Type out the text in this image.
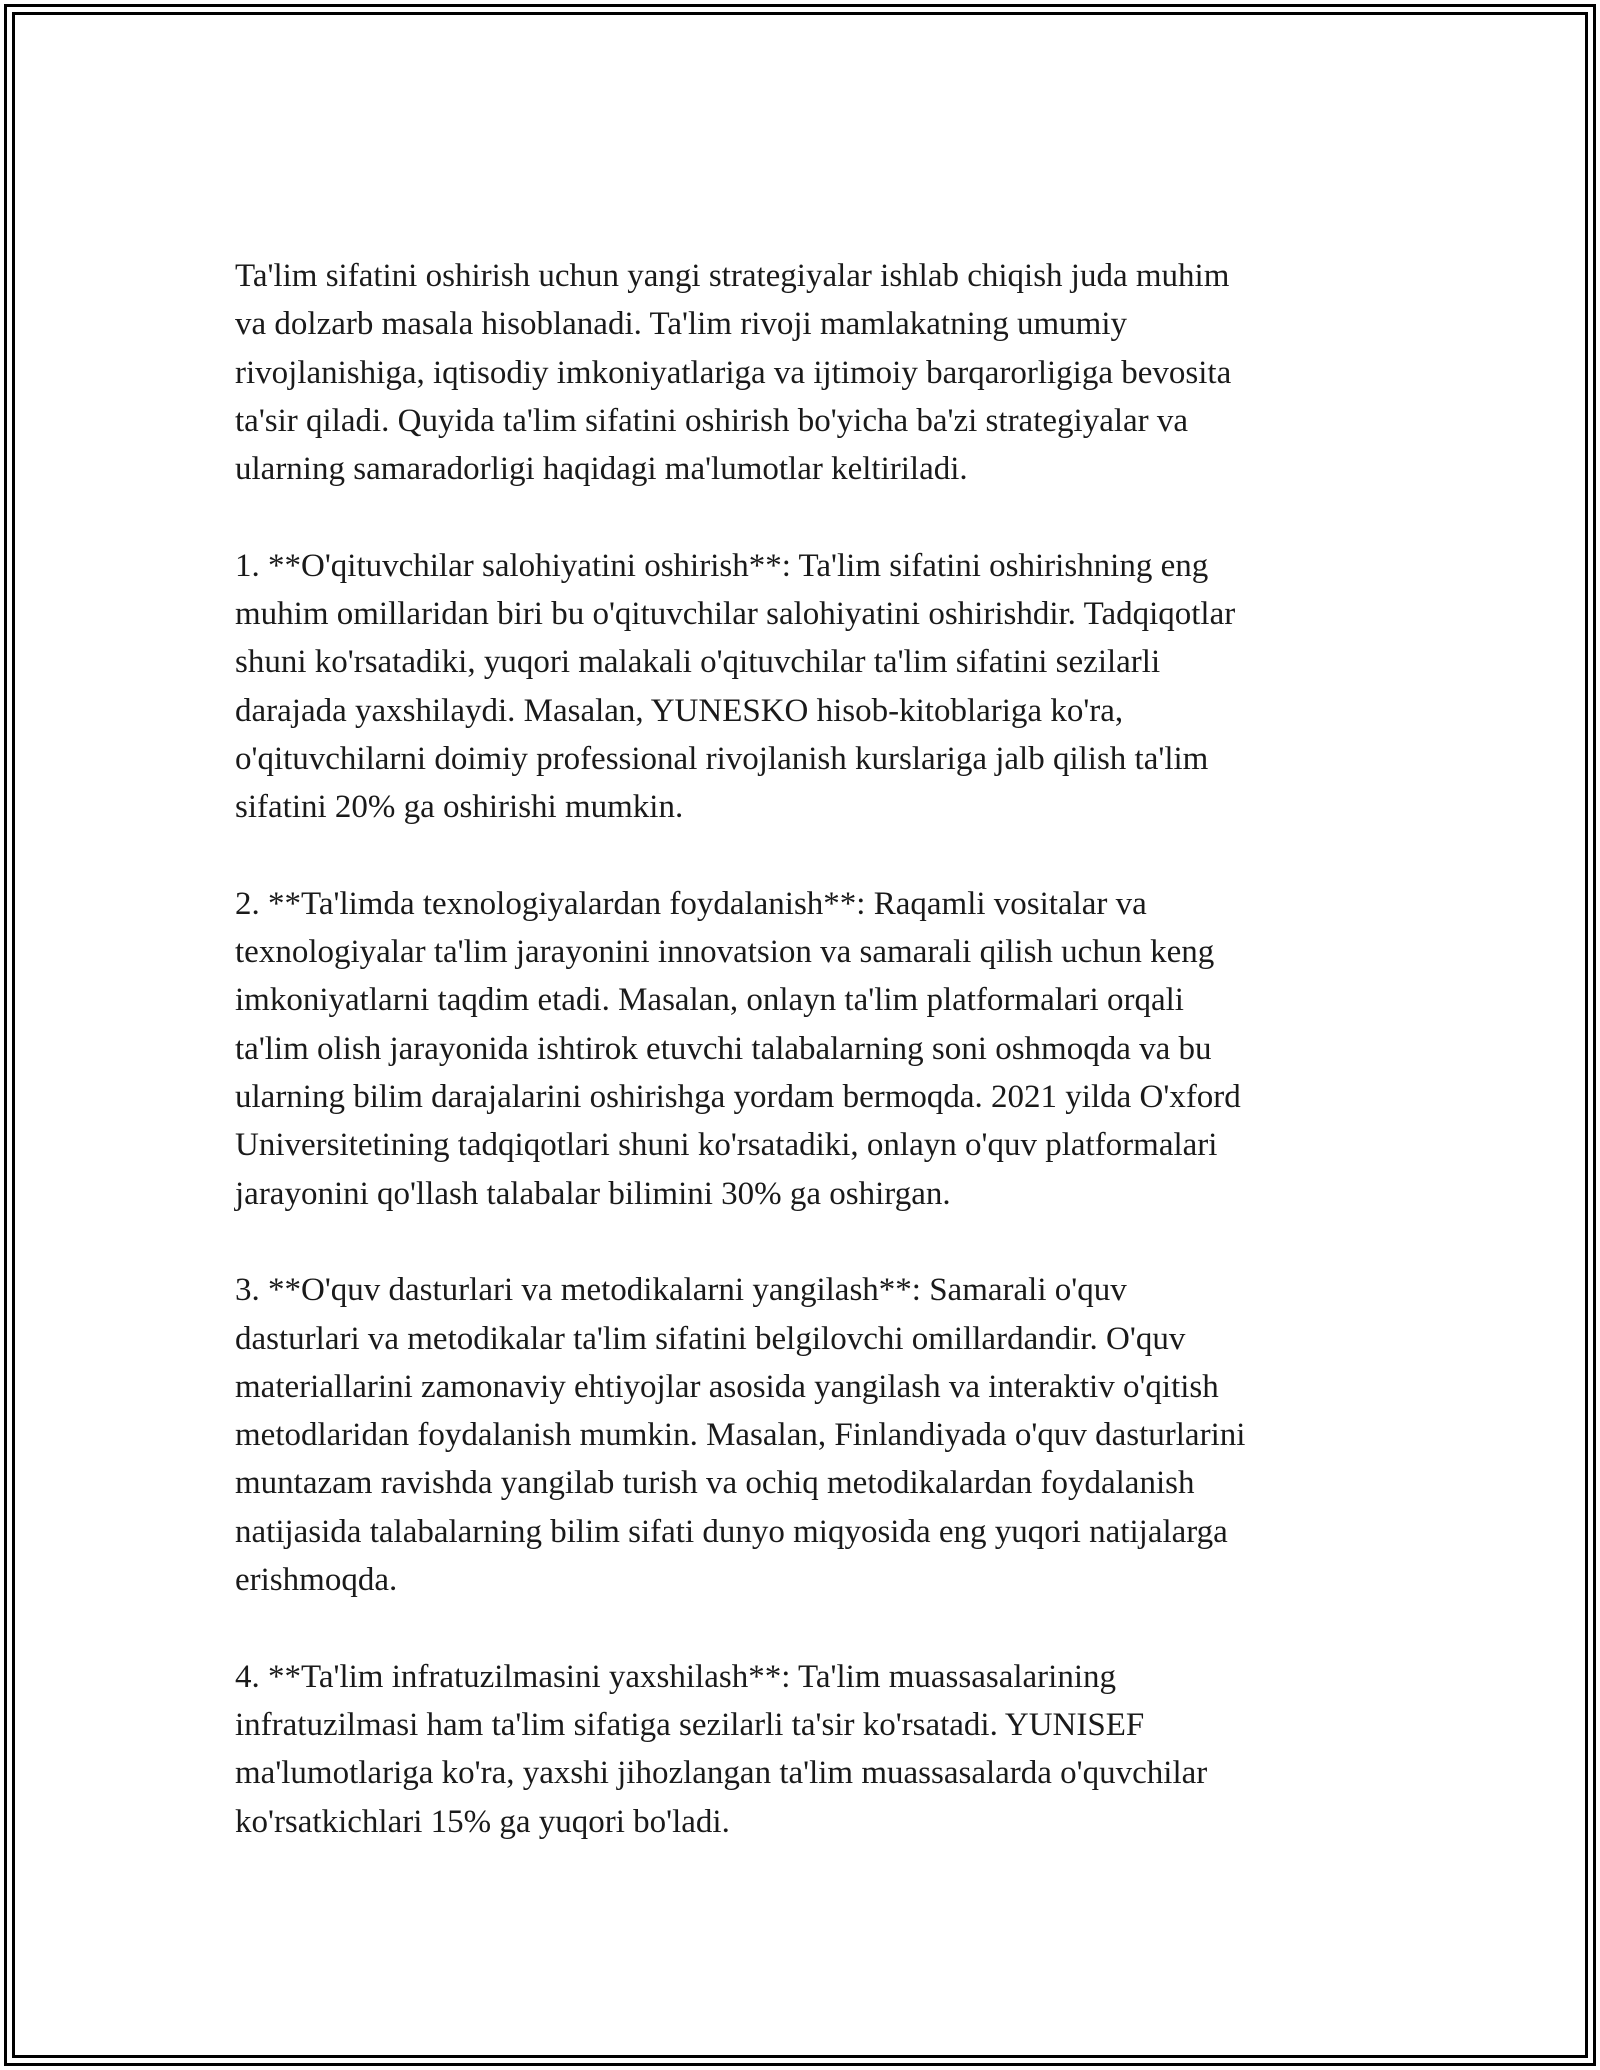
Ta'lim sifatini oshirish uchun yangi strategiyalar ishlab chiqish juda muhim
va dolzarb masala hisoblanadi. Ta'lim rivoji mamlakatning umumiy
rivojlanishiga, iqtisodiy imkoniyatlariga va ijtimoiy barqarorligiga bevosita
ta'sir qiladi. Quyida ta'lim sifatini oshirish bo'yicha ba'zi strategiyalar va
ularning samaradorligi haqidagi ma'lumotlar keltiriladi.

1. **O'qituvchilar salohiyatini oshirish**: Ta'lim sifatini oshirishning eng
muhim omillaridan biri bu o'qituvchilar salohiyatini oshirishdir. Tadqiqotlar
shuni ko'rsatadiki, yuqori malakali o'qituvchilar ta'lim sifatini sezilarli
darajada yaxshilaydi. Masalan, YUNESKO hisob-kitoblariga ko'ra,
o'qituvchilarni doimiy professional rivojlanish kurslariga jalb qilish ta'lim
sifatini 20% ga oshirishi mumkin.

2. **Ta'limda texnologiyalardan foydalanish**: Raqamli vositalar va
texnologiyalar ta'lim jarayonini innovatsion va samarali qilish uchun keng
imkoniyatlarni taqdim etadi. Masalan, onlayn ta'lim platformalari orqali
ta'lim olish jarayonida ishtirok etuvchi talabalarning soni oshmoqda va bu
ularning bilim darajalarini oshirishga yordam bermoqda. 2021 yilda O'xford
Universitetining tadqiqotlari shuni ko'rsatadiki, onlayn o'quv platformalari
jarayonini qo'llash talabalar bilimini 30% ga oshirgan.

3. **O'quv dasturlari va metodikalarni yangilash**: Samarali o'quv
dasturlari va metodikalar ta'lim sifatini belgilovchi omillardandir. O'quv
materiallarini zamonaviy ehtiyojlar asosida yangilash va interaktiv o'qitish
metodlaridan foydalanish mumkin. Masalan, Finlandiyada o'quv dasturlarini
muntazam ravishda yangilab turish va ochiq metodikalardan foydalanish
natijasida talabalarning bilim sifati dunyo miqyosida eng yuqori natijalarga
erishmoqda.

4. **Ta'lim infratuzilmasini yaxshilash**: Ta'lim muassasalarining
infratuzilmasi ham ta'lim sifatiga sezilarli ta'sir ko'rsatadi. YUNISEF
ma'lumotlariga ko'ra, yaxshi jihozlangan ta'lim muassasalarda o'quvchilar
ko'rsatkichlari 15% ga yuqori bo'ladi.
